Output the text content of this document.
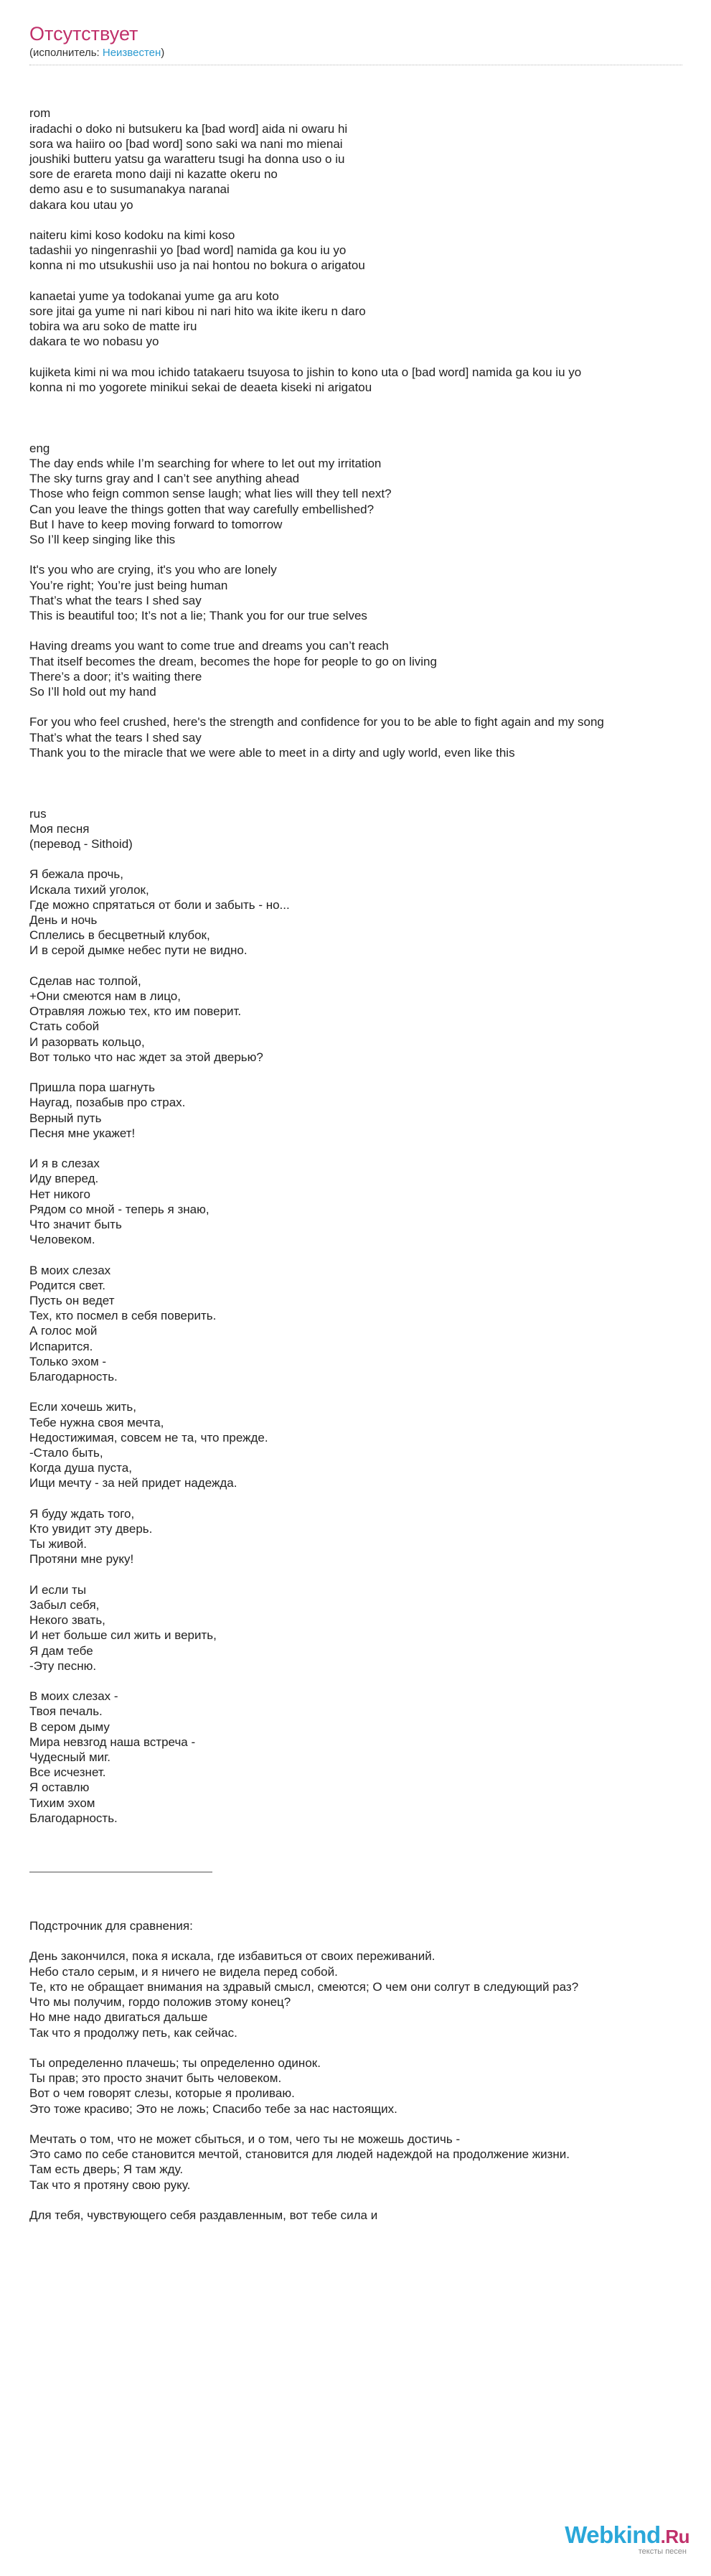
Отсутствует
(исполнитель: Неизвестен)

rom
iradachi o doko ni butsukeru ka [bad word] aida ni owaru hi
sora wa haiiro oo [bad word] sono saki wa nani mo mienai
joushiki butteru yatsu ga waratteru tsugi ha donna uso o iu
sore de erareta mono daiji ni kazatte okeru no
demo asu e to susumanakya naranai
dakara kou utau yo
naiteru kimi koso kodoku na kimi koso
tadashii yo ningenrashii yo [bad word] namida ga kou iu yo
konna ni mo utsukushii uso ja nai hontou no bokura o arigatou
kanaetai yume ya todokanai yume ga aru koto
sore jitai ga yume ni nari kibou ni nari hito wa ikite ikeru n daro
tobira wa aru soko de matte iru
dakara te wo nobasu yo
kujiketa kimi ni wa mou ichido tatakaeru tsuyosa to jishin to kono uta o [bad word] namida ga kou iu yo
konna ni mo yogorete minikui sekai de deaeta kiseki ni arigatou

eng
The day ends while I’m searching for where to let out my irritation
The sky turns gray and I can’t see anything ahead
Those who feign common sense laugh; what lies will they tell next?
Can you leave the things gotten that way carefully embellished?
But I have to keep moving forward to tomorrow
So I’ll keep singing like this
It's you who are crying, it's you who are lonely
You’re right; You’re just being human
That’s what the tears I shed say
This is beautiful too; It’s not a lie; Thank you for our true selves
Having dreams you want to come true and dreams you can’t reach
That itself becomes the dream, becomes the hope for people to go on living
There’s a door; it’s waiting there
So I’ll hold out my hand
For you who feel crushed, here's the strength and confidence for you to be able to fight again and my song
That’s what the tears I shed say
Thank you to the miracle that we were able to meet in a dirty and ugly world, even like this

rus
Моя песня
(перевод - Sithoid)
Я бежала прочь,
Искала тихий уголок,
Где можно спрятаться от боли и забыть - но...
День и ночь
Сплелись в бесцветный клубок,
И в серой дымке небес пути не видно.
Сделав нас толпой,
+Они смеются нам в лицо,
Отравляя ложью тех, кто им поверит.
Стать собой
И разорвать кольцо,
Вот только что нас ждет за этой дверью?
Пришла пора шагнуть
Наугад, позабыв про страх.
Верный путь
Песня мне укажет!
И я в слезах
Иду вперед.
Нет никого
Рядом со мной - теперь я знаю,
Что значит быть
Человеком.
В моих слезах
Родится свет.
Пусть он ведет
Тех, кто посмел в себя поверить.
А голос мой
Испарится.
Только эхом -
Благодарность.
Если хочешь жить,
Тебе нужна своя мечта,
Недостижимая, совсем не та, что прежде.
-Стало быть,
Когда душа пуста,
Ищи мечту - за ней придет надежда.
Я буду ждать того,
Кто увидит эту дверь.
Ты живой.
Протяни мне руку!
И если ты
Забыл себя,
Некого звать,
И нет больше сил жить и верить,
Я дам тебе
-Эту песню.
В моих слезах -
Твоя печаль.
В сером дыму
Мира невзгод наша встреча -
Чудесный миг.
Все исчезнет.
Я оставлю
Тихим эхом
Благодарность.

Подстрочник для сравнения:
День закончился, пока я искала, где избавиться от своих переживаний.
Небо стало серым, и я ничего не видела перед собой.
Те, кто не обращает внимания на здравый смысл, смеются; О чем они солгут в следующий раз?
Что мы получим, гордо положив этому конец?
Но мне надо двигаться дальше
Так что я продолжу петь, как сейчас.
Ты определенно плачешь; ты определенно одинок.
Ты прав; это просто значит быть человеком.
Вот о чем говорят слезы, которые я проливаю.
Это тоже красиво; Это не ложь; Спасибо тебе за нас настоящих.
Мечтать о том, что не может сбыться, и о том, чего ты не можешь достичь -
Это само по себе становится мечтой, становится для людей надеждой на продолжение жизни.
Там есть дверь; Я там жду.
Так что я протяну свою руку.
Для тебя, чувствующего себя раздавленным, вот тебе сила и

Webkind.Ru
тексты песен
